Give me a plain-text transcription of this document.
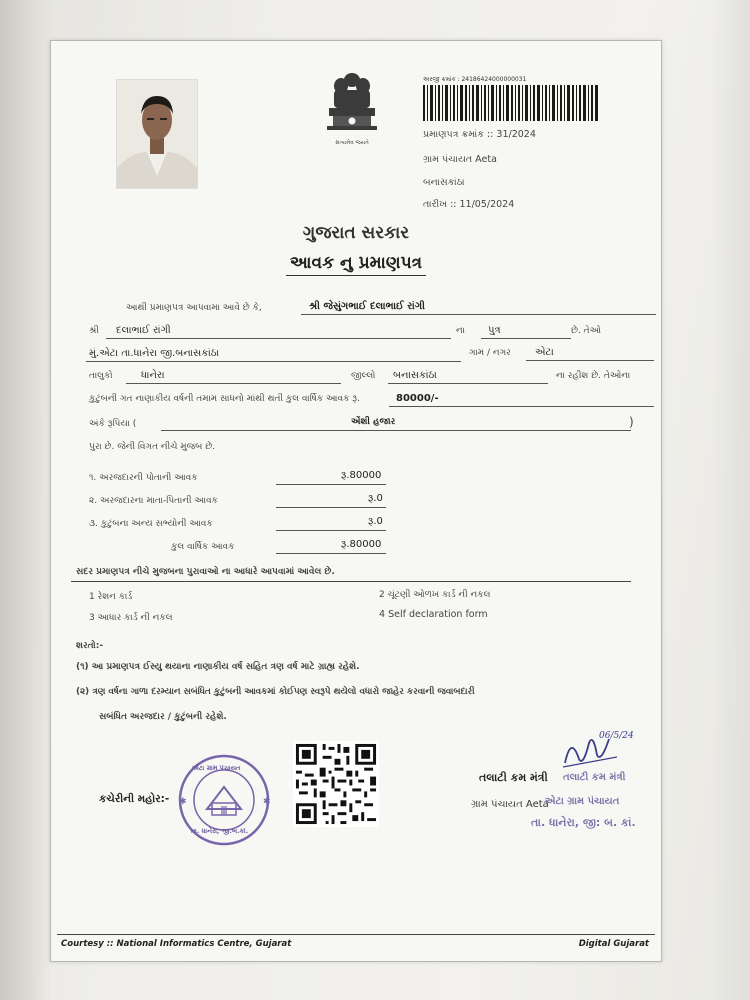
સત્યમેવ જયતે
અરજી ક્રમાંક : 24186424000000031
પ્રમાણપત્ર ક્રમાંક :: 31/2024
ગ્રામ પંચાયત Aeta
બનાસકાંઠા
તારીખ :: 11/05/2024
ગુજરાત સરકાર
આવક નુ પ્રમાણપત્ર
આથી પ્રમાણપત્ર આપવામા આવે છે કે,	શ્રી જેસુંગભાઈ દલાભાઈ રાંગી
શ્રી દલાભાઈ રાંગી	ના પુત્ર	છે. તેઓ
મું.એટા તા.ધાનેરા જી.બનાસકાંઠા	ગામ / નગર એટા
તાલુકો	ધાનેરા	જીલ્લો બનાસકાંઠા	ના રહીશ છે. તેઓના
કુટુંબની ગત નાણાકીય વર્ષની તમામ સાધનો માંથી થતી કુલ વાર્ષિક આવક રૂ.	80000/-
અંકે રૂપિયા (	એંશી હજાર	)
પુરા છે. જેની વિગત નીચે મુજબ છે.
૧. અરજદારની પોતાની આવક	રૂ.80000
૨. અરજદારના માતા-પિતાની આવક	રૂ.0
૩. કુટુંબના અન્ય સભ્યોની આવક	રૂ.0
કુલ વાર્ષિક આવક	રૂ.80000
સદર પ્રમાણપત્ર નીચે મુજબના પુરાવાઓ ના આધારે આપવામાં આવેલ છે.
1 રેશન કાર્ડ	2 ચૂંટણી ઓળખ કાર્ડ ની નકલ
3 આધાર કાર્ડ ની નકલ	4 Self declaration form
શરતો:-
(૧) આ પ્રમાણપત્ર ઈસ્યુ થયાના નાણાકીય વર્ષ સહિત ત્રણ વર્ષ માટે ગ્રાહ્ય રહેશે.
(૨) ત્રણ વર્ષના ગાળા દરમ્યાન સબંધિત કુટુંબની આવકમાં કોઈપણ સ્વરૂપે થયેલો વધારો જાહેર કરવાની જવાબદારી
સબંધિત અરજદાર / કુટુંબની રહેશે.
કચેરીની મહોર:-	✱
✱
એટા ગ્રામ પંચાયત
તા. ધાનેરા, જી.બ.કાં.
તલાટી કમ મંત્રી
ગ્રામ પંચાયત Aeta
06/5/24
તલાટી કમ મંત્રી
એટા ગ્રામ પંચાયત
તા. ધાનેરા, જી: બ. કાં.
Courtesy :: National Informatics Centre, Gujarat	Digital Gujarat
